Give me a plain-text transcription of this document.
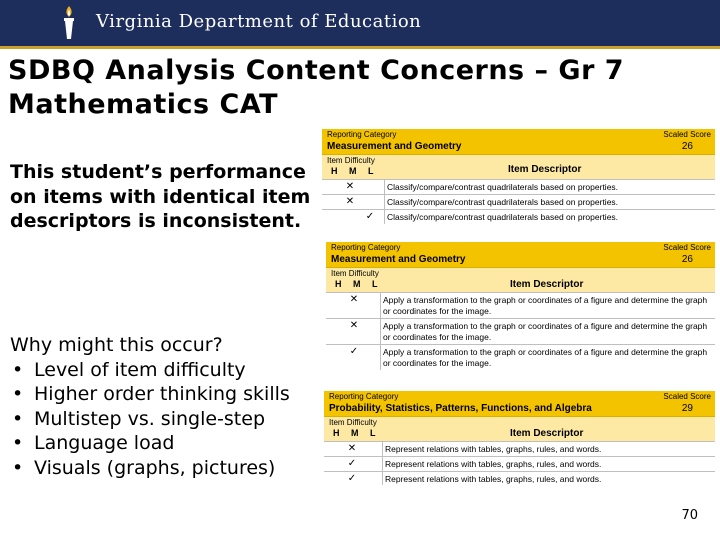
Virginia Department of Education
SDBQ Analysis Content Concerns – Gr 7 Mathematics CAT
This student’s performance on items with identical item descriptors is inconsistent.

Why might this occur?

• Level of item difficulty
• Higher order thinking skills
• Multistep vs. single-step
• Language load
• Visuals (graphs, pictures)
Reporting Category	Scaled Score
Measurement and Geometry	26
Item Difficulty
H M L	Item Descriptor
✕	Classify/compare/contrast quadrilaterals based on properties.
✕	Classify/compare/contrast quadrilaterals based on properties.
✓	Classify/compare/contrast quadrilaterals based on properties.
Reporting Category	Scaled Score
Measurement and Geometry	26
Item Difficulty
H M L	Item Descriptor
✕	Apply a transformation to the graph or coordinates of a figure and determine the graph or coordinates for the image.
✕	Apply a transformation to the graph or coordinates of a figure and determine the graph or coordinates for the image.
✓	Apply a transformation to the graph or coordinates of a figure and determine the graph or coordinates for the image.
Reporting Category	Scaled Score
Probability, Statistics, Patterns, Functions, and Algebra	29
Item Difficulty
H M L	Item Descriptor
✕	Represent relations with tables, graphs, rules, and words.
✓	Represent relations with tables, graphs, rules, and words.
✓	Represent relations with tables, graphs, rules, and words.
70
